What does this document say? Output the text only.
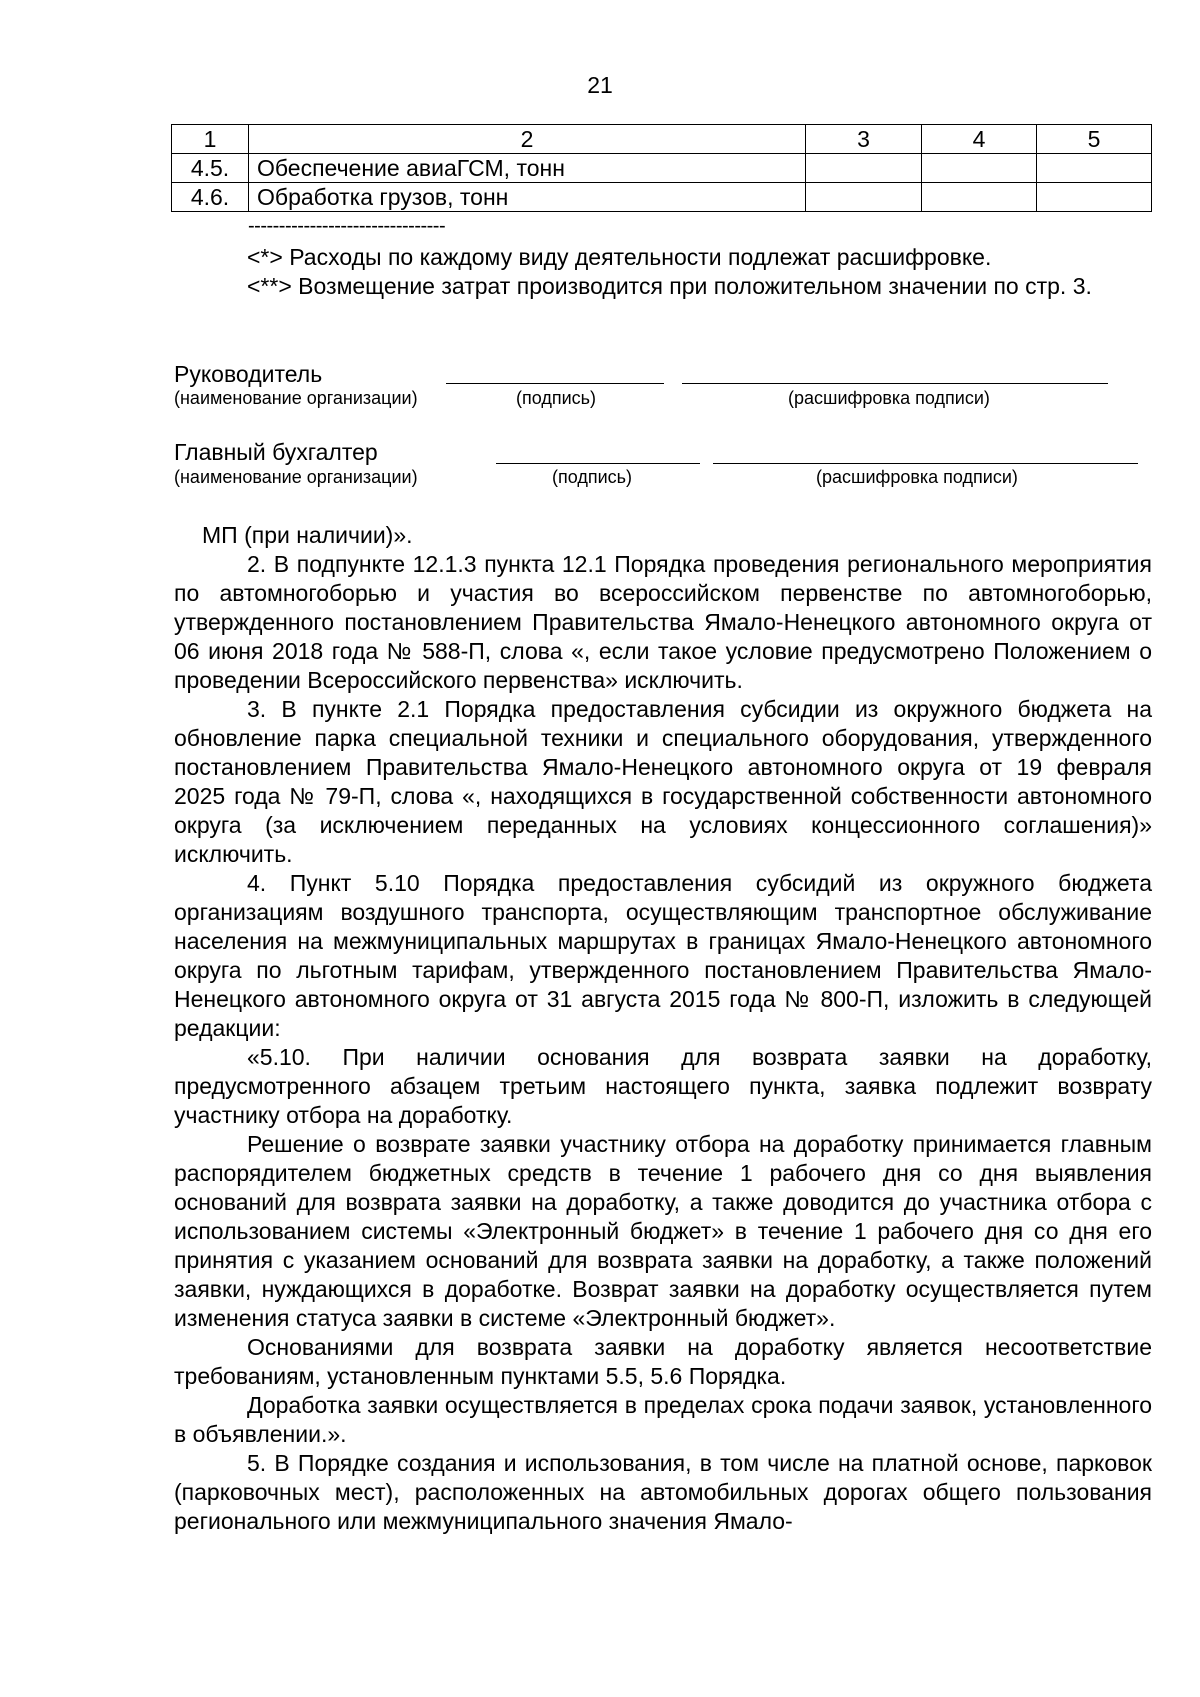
21
1	2	3	4	5
4.5.	Обеспечение авиаГСМ, тонн			
4.6.	Обработка грузов, тонн			
--------------------------------

<*> Расходы по каждому виду деятельности подлежат расшифровке.

<**> Возмещение затрат производится при положительном значении по стр. 3.

Руководитель
(наименование организации)	(подпись)	(расшифровка подписи)
Главный бухгалтер
(наименование организации)	(подпись)	(расшифровка подписи)
МП (при наличии)».

2. В подпункте 12.1.3 пункта 12.1 Порядка проведения регионального мероприятия по автомногоборью и участия во всероссийском первенстве по автомногоборью, утвержденного постановлением Правительства Ямало-Ненецкого автономного округа от 06 июня 2018 года № 588-П, слова «, если такое условие предусмотрено Положением о проведении Всероссийского первенства» исключить.

3. В пункте 2.1 Порядка предоставления субсидии из окружного бюджета на обновление парка специальной техники и специального оборудования, утвержденного постановлением Правительства Ямало-Ненецкого автономного округа от 19 февраля 2025 года № 79-П, слова «, находящихся в государственной собственности автономного округа (за исключением переданных на условиях концессионного соглашения)» исключить.

4. Пункт 5.10 Порядка предоставления субсидий из окружного бюджета организациям воздушного транспорта, осуществляющим транспортное обслуживание населения на межмуниципальных маршрутах в границах Ямало-Ненецкого автономного округа по льготным тарифам, утвержденного постановлением Правительства Ямало-Ненецкого автономного округа от 31 августа 2015 года № 800-П, изложить в следующей редакции:

«5.10. При наличии основания для возврата заявки на доработку, предусмотренного абзацем третьим настоящего пункта, заявка подлежит возврату участнику отбора на доработку.

Решение о возврате заявки участнику отбора на доработку принимается главным распорядителем бюджетных средств в течение 1 рабочего дня со дня выявления оснований для возврата заявки на доработку, а также доводится до участника отбора с использованием системы «Электронный бюджет» в течение 1 рабочего дня со дня его принятия с указанием оснований для возврата заявки на доработку, а также положений заявки, нуждающихся в доработке. Возврат заявки на доработку осуществляется путем изменения статуса заявки в системе «Электронный бюджет».

Основаниями для возврата заявки на доработку является несоответствие требованиям, установленным пунктами 5.5, 5.6 Порядка.

Доработка заявки осуществляется в пределах срока подачи заявок, установленного в объявлении.».

5. В Порядке создания и использования, в том числе на платной основе, парковок (парковочных мест), расположенных на автомобильных дорогах общего пользования регионального или межмуниципального значения Ямало-
